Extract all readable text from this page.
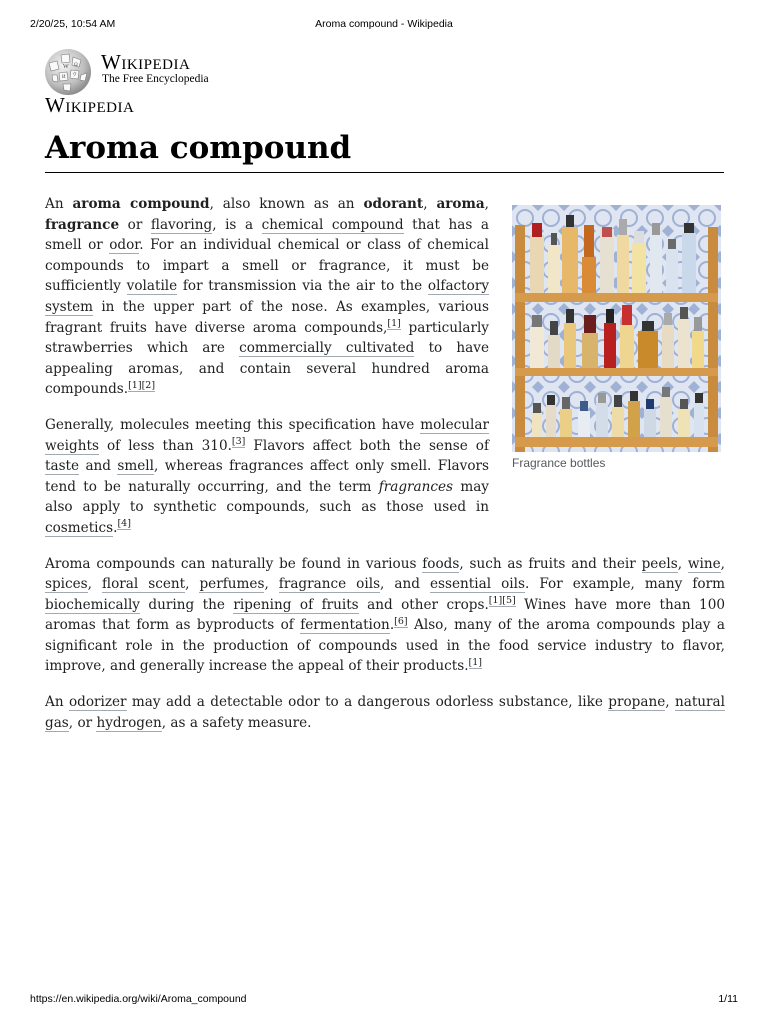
2/20/25, 10:54 AM	Aroma compound - Wikipedia
W Ω
И ウ
Wikipedia
The Free Encyclopedia
Wikipedia
Aroma compound
Fragrance bottles

An aroma compound, also known as an odorant, aroma, fragrance or flavoring, is a chemical compound that has a smell or odor. For an individual chemical or class of chemical compounds to impart a smell or fragrance, it must be sufficiently volatile for transmission via the air to the olfactory system in the upper part of the nose. As examples, various fragrant fruits have diverse aroma compounds,[1] particularly strawberries which are commercially cultivated to have appealing aromas, and contain several hundred aroma compounds.[1][2]

Generally, molecules meeting this specification have molecular weights of less than 310.[3] Flavors affect both the sense of taste and smell, whereas fragrances affect only smell. Flavors tend to be naturally occurring, and the term fragrances may also apply to synthetic compounds, such as those used in cosmetics.[4]

Aroma compounds can naturally be found in various foods, such as fruits and their peels, wine, spices, floral scent, perfumes, fragrance oils, and essential oils. For example, many form biochemically during the ripening of fruits and other crops.[1][5] Wines have more than 100 aromas that form as byproducts of fermentation.[6] Also, many of the aroma compounds play a significant role in the production of compounds used in the food service industry to flavor, improve, and generally increase the appeal of their products.[1]

An odorizer may add a detectable odor to a dangerous odorless substance, like propane, natural gas, or hydrogen, as a safety measure.

https://en.wikipedia.org/wiki/Aroma_compound	1/11
